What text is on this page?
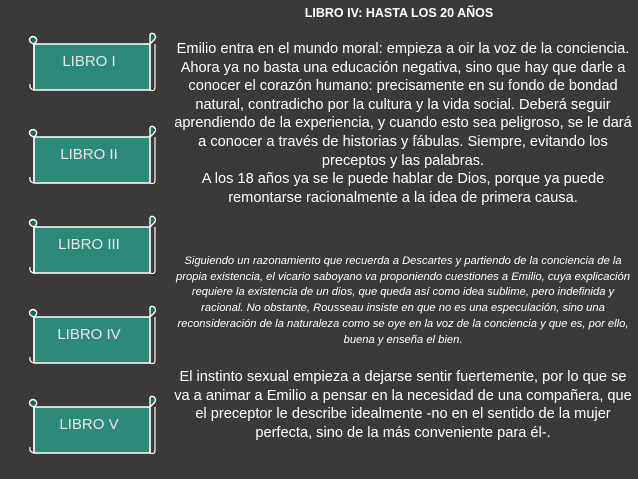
LIBRO I
LIBRO II
LIBRO III
LIBRO IV
LIBRO V
LIBRO IV: HASTA LOS 20 AÑOS

Emilio entra en el mundo moral: empieza a oir la voz de la conciencia. Ahora ya no basta una educación negativa, sino que hay que darle a conocer el corazón humano: precisamente en su fondo de bondad natural, contradicho por la cultura y la vida social. Deberá seguir aprendiendo de la experiencia, y cuando esto sea peligroso, se le dará a conocer a través de historias y fábulas. Siempre, evitando los preceptos y las palabras.
A los 18 años ya se le puede hablar de Dios, porque ya puede remontarse racionalmente a la idea de primera causa.

Siguiendo un razonamiento que recuerda a Descartes y partiendo de la conciencia de la propia existencia, el vicario saboyano va proponiendo cuestiones a Emilio, cuya explicación requiere la existencia de un dios, que queda así como idea sublime, pero indefinida y racional. No obstante, Rousseau insiste en que no es una especulación, sino una reconsideración de la naturaleza como se oye en la voz de la conciencia y que es, por ello, buena y enseña el bien.

El instinto sexual empieza a dejarse sentir fuertemente, por lo que se va a animar a Emilio a pensar en la necesidad de una compañera, que el preceptor le describe idealmente -no en el sentido de la mujer perfecta, sino de la más conveniente para él-.
